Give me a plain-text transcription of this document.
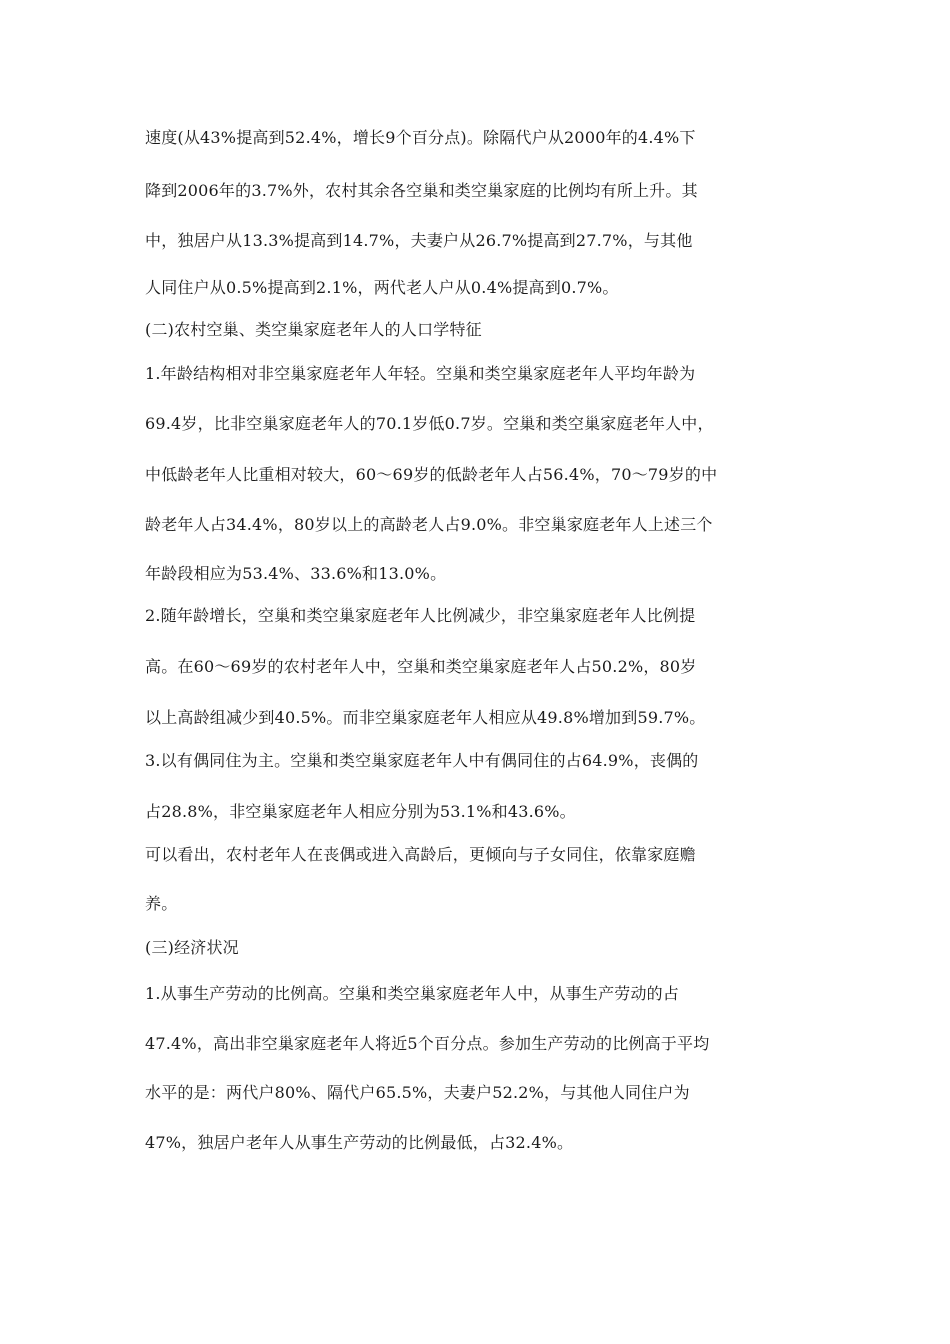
速度(从43%提高到52.4%，增长9个百分点)。除隔代户从2000年的4.4%下
降到2006年的3.7%外，农村其余各空巢和类空巢家庭的比例均有所上升。其
中，独居户从13.3%提高到14.7%，夫妻户从26.7%提高到27.7%，与其他
人同住户从0.5%提高到2.1%，两代老人户从0.4%提高到0.7%。
(二)农村空巢、类空巢家庭老年人的人口学特征
1.年龄结构相对非空巢家庭老年人年轻。空巢和类空巢家庭老年人平均年龄为
69.4岁，比非空巢家庭老年人的70.1岁低0.7岁。空巢和类空巢家庭老年人中，
中低龄老年人比重相对较大，60～69岁的低龄老年人占56.4%，70～79岁的中
龄老年人占34.4%，80岁以上的高龄老人占9.0%。非空巢家庭老年人上述三个
年龄段相应为53.4%、33.6%和13.0%。
2.随年龄增长，空巢和类空巢家庭老年人比例减少，非空巢家庭老年人比例提
高。在60～69岁的农村老年人中，空巢和类空巢家庭老年人占50.2%，80岁
以上高龄组减少到40.5%。而非空巢家庭老年人相应从49.8%增加到59.7%。
3.以有偶同住为主。空巢和类空巢家庭老年人中有偶同住的占64.9%，丧偶的
占28.8%，非空巢家庭老年人相应分别为53.1%和43.6%。
可以看出，农村老年人在丧偶或进入高龄后，更倾向与子女同住，依靠家庭赡
养。
(三)经济状况
1.从事生产劳动的比例高。空巢和类空巢家庭老年人中，从事生产劳动的占
47.4%，高出非空巢家庭老年人将近5个百分点。参加生产劳动的比例高于平均
水平的是：两代户80%、隔代户65.5%，夫妻户52.2%，与其他人同住户为
47%，独居户老年人从事生产劳动的比例最低，占32.4%。
